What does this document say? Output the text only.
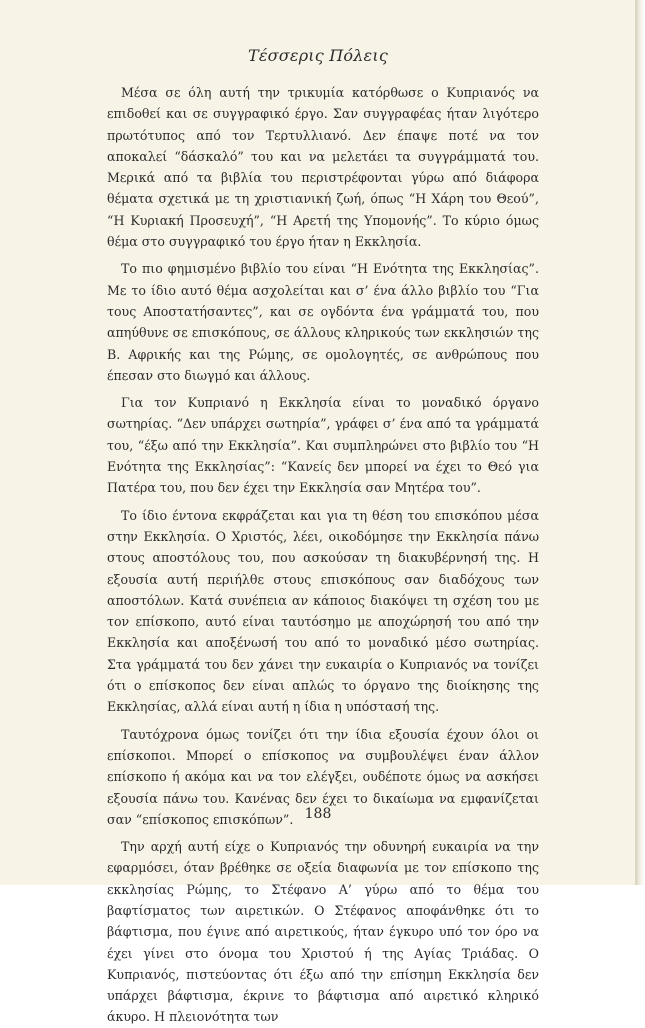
Τέσσερις Πόλεις

Μέσα σε όλη αυτή την τρικυμία κατόρθωσε ο Κυπριανός να επιδοθεί και σε συγγραφικό έργο. Σαν συγγραφέας ήταν λιγότερο πρωτότυπος από τον Τερτυλλιανό. Δεν έπαψε ποτέ να τον αποκαλεί “δάσκαλό” του και να μελετάει τα συγγράμματά του. Μερικά από τα βιβλία του περιστρέφονται γύρω από διάφορα θέματα σχετικά με τη χριστιανική ζωή, όπως “Η Χάρη του Θεού”, “Η Κυριακή Προσευχή”, “Η Αρετή της Υπομονής”. Το κύριο όμως θέμα στο συγγραφικό του έργο ήταν η Εκκλησία.

Το πιο φημισμένο βιβλίο του είναι “Η Ενότητα της Εκκλησίας”. Με το ίδιο αυτό θέμα ασχολείται και σ’ ένα άλλο βιβλίο του “Για τους Αποστατήσαντες”, και σε ογδόντα ένα γράμματά του, που απηύθυνε σε επισκόπους, σε άλλους κληρικούς των εκκλησιών της Β. Αφρικής και της Ρώμης, σε ομολογητές, σε ανθρώπους που έπεσαν στο διωγμό και άλλους.

Για τον Κυπριανό η Εκκλησία είναι το μοναδικό όργανο σωτηρίας. “Δεν υπάρχει σωτηρία”, γράφει σ’ ένα από τα γράμματά του, “έξω από την Εκκλησία”. Και συμπληρώνει στο βιβλίο του “Η Ενότητα της Εκκλησίας”: “Κανείς δεν μπορεί να έχει το Θεό για Πατέρα του, που δεν έχει την Εκκλησία σαν Μητέρα του”.

Το ίδιο έντονα εκφράζεται και για τη θέση του επισκόπου μέσα στην Εκκλησία. Ο Χριστός, λέει, οικοδόμησε την Εκκλησία πάνω στους αποστόλους του, που ασκούσαν τη διακυβέρνησή της. Η εξουσία αυτή περιήλθε στους επισκόπους σαν διαδόχους των αποστόλων. Κατά συνέπεια αν κάποιος διακόψει τη σχέση του με τον επίσκοπο, αυτό είναι ταυτόσημο με αποχώρησή του από την Εκκλησία και αποξένωσή του από το μοναδικό μέσο σωτηρίας. Στα γράμματά του δεν χάνει την ευκαιρία ο Κυπριανός να τονίζει ότι ο επίσκοπος δεν είναι απλώς το όργανο της διοίκησης της Εκκλησίας, αλλά είναι αυτή η ίδια η υπόστασή της.

Ταυτόχρονα όμως τονίζει ότι την ίδια εξουσία έχουν όλοι οι επίσκοποι. Μπορεί ο επίσκοπος να συμβουλέψει έναν άλλον επίσκοπο ή ακόμα και να τον ελέγξει, ουδέποτε όμως να ασκήσει εξουσία πάνω του. Κανένας δεν έχει το δικαίωμα να εμφανίζεται σαν “επίσκοπος επισκόπων”.

Την αρχή αυτή είχε ο Κυπριανός την οδυνηρή ευκαιρία να την εφαρμόσει, όταν βρέθηκε σε οξεία διαφωνία με τον επίσκοπο της εκκλησίας Ρώμης, το Στέφανο Α’ γύρω από το θέμα του βαφτίσματος των αιρετικών. Ο Στέφανος αποφάνθηκε ότι το βάφτισμα, που έγινε από αιρετικούς, ήταν έγκυρο υπό τον όρο να έχει γίνει στο όνομα του Χριστού ή της Αγίας Τριάδας. Ο Κυπριανός, πιστεύοντας ότι έξω από την επίσημη Εκκλησία δεν υπάρχει βάφτισμα, έκρινε το βάφτισμα από αιρετικό κληρικό άκυρο. Η πλειονότητα των

188
